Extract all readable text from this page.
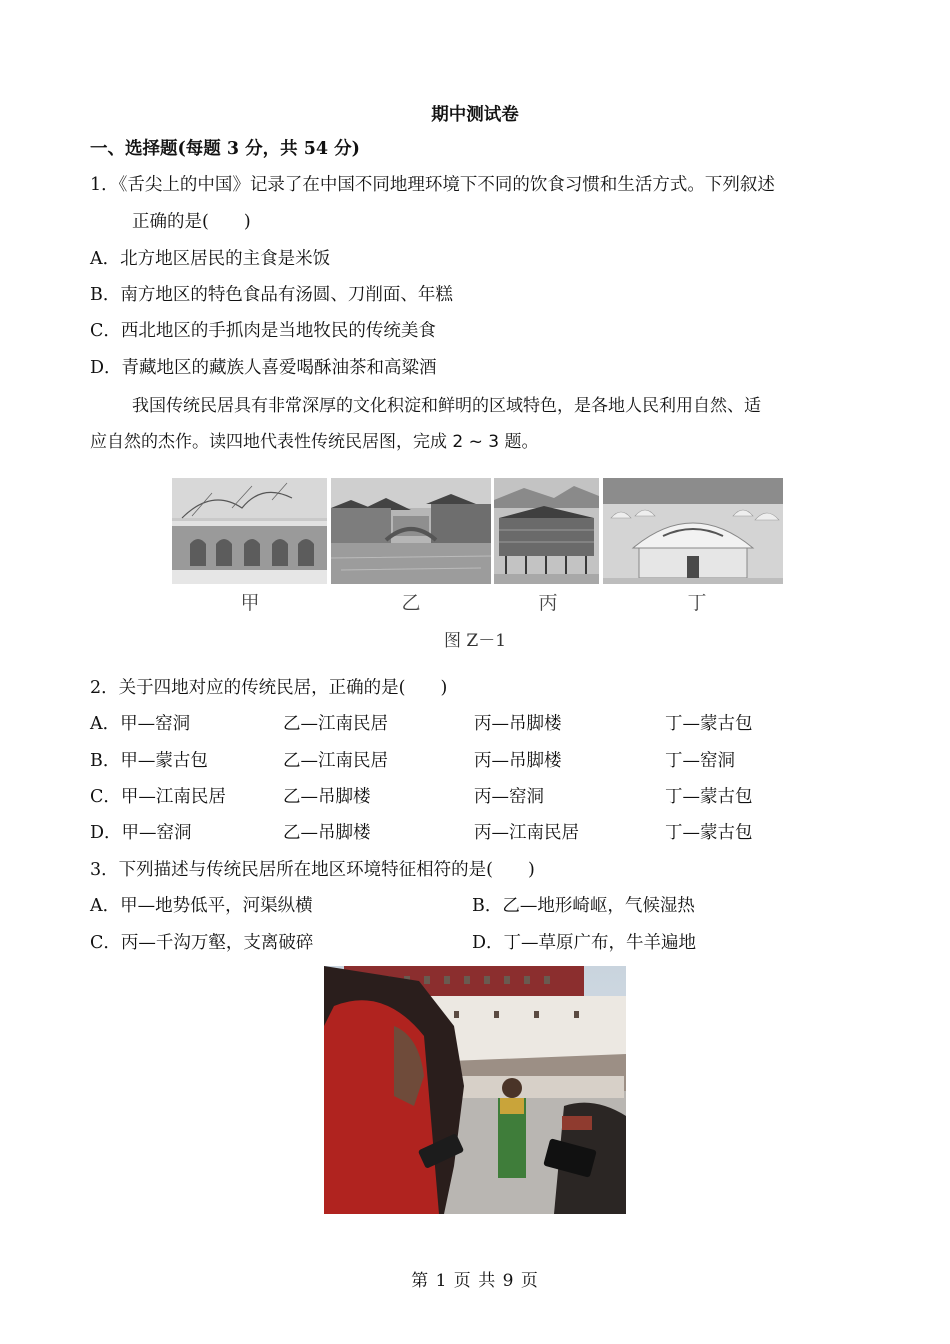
期中测试卷
一、选择题(每题 3 分，共 54 分)
1．《舌尖上的中国》记录了在中国不同地理环境下不同的饮食习惯和生活方式。下列叙述
正确的是(　　)
A．北方地区居民的主食是米饭
B．南方地区的特色食品有汤圆、刀削面、年糕
C．西北地区的手抓肉是当地牧民的传统美食
D．青藏地区的藏族人喜爱喝酥油茶和高粱酒
我国传统民居具有非常深厚的文化积淀和鲜明的区域特色，是各地人民利用自然、适
应自然的杰作。读四地代表性传统民居图，完成 2 ~ 3 题。
甲	乙	丙	丁
图 Z－1
2．关于四地对应的传统民居，正确的是(　　)
A．甲—窑洞	乙—江南民居	丙—吊脚楼	丁—蒙古包
B．甲—蒙古包	乙—江南民居	丙—吊脚楼	丁—窑洞
C．甲—江南民居	乙—吊脚楼	丙—窑洞	丁—蒙古包
D．甲—窑洞	乙—吊脚楼	丙—江南民居	丁—蒙古包
3．下列描述与传统民居所在地区环境特征相符的是(　　)
A．甲—地势低平，河渠纵横	B．乙—地形崎岖，气候湿热
C．丙—千沟万壑，支离破碎	D．丁—草原广布，牛羊遍地
第 1 页 共 9 页
